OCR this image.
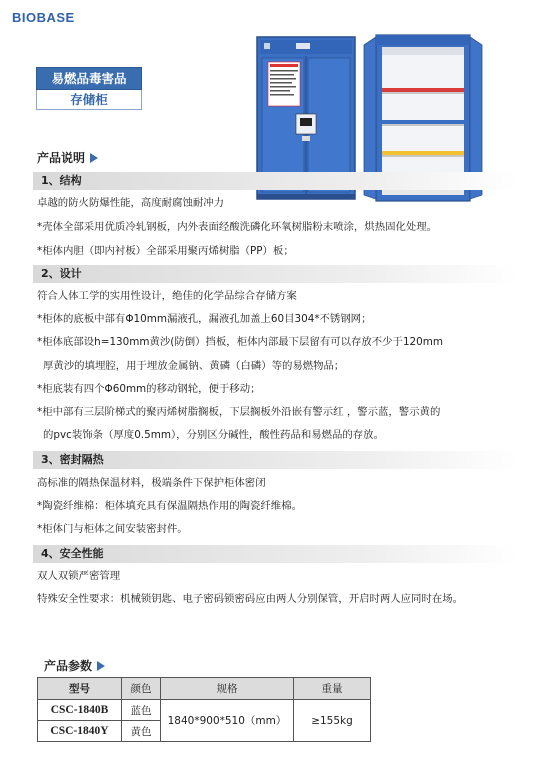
BIOBASE
易燃品毒害品
存储柜
产品说明
1、结构
卓越的防火防爆性能，高度耐腐蚀耐冲力
*壳体全部采用优质冷轧钢板，内外表面经酸洗磷化环氧树脂粉末喷涂，烘热固化处理。
*柜体内胆（即内衬板）全部采用聚丙烯树脂（PP）板；
2、设计
符合人体工学的实用性设计，绝佳的化学品综合存储方案
*柜体的底板中部有Φ10mm漏液孔，漏液孔加盖上60目304*不锈钢网；
*柜体底部设h=130mm黄沙(防倒）挡板，柜体内部最下层留有可以存放不少于120mm
厚黄沙的填埋腔，用于埋放金属钠、黄磷（白磷）等的易燃物品；
*柜底装有四个Φ60mm的移动钢轮，便于移动；
*柜中部有三层阶梯式的聚丙烯树脂搁板，下层搁板外沿嵌有警示红 ，警示蓝，警示黄的
的pvc装饰条（厚度0.5mm），分别区分碱性，酸性药品和易燃品的存放。
3、密封隔热
高标准的隔热保温材料，极端条件下保护柜体密闭
*陶瓷纤维棉：柜体填充具有保温隔热作用的陶瓷纤维棉。
*柜体门与柜体之间安装密封件。
4、安全性能
双人双锁严密管理
特殊安全性要求：机械锁钥匙、电子密码锁密码应由两人分别保管，开启时两人应同时在场。
产品参数
型号	颜色	规格	重量
CSC-1840B	蓝色	1840*900*510（mm）	≥155kg
CSC-1840Y	黄色		
